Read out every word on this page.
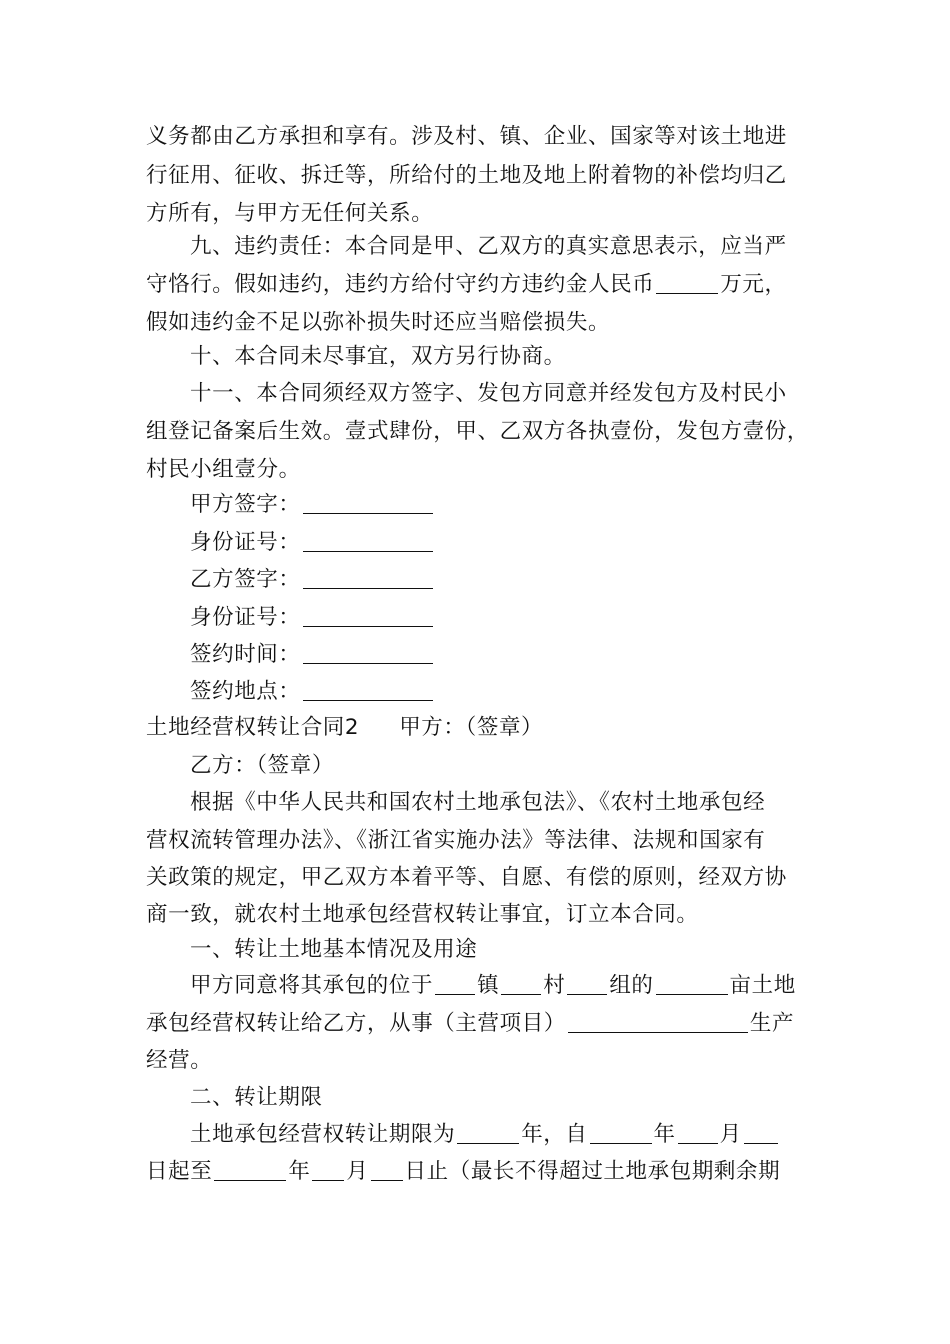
义务都由乙方承担和享有。涉及村、镇、企业、国家等对该土地进

行征用、征收、拆迁等，所给付的土地及地上附着物的补偿均归乙

方所有，与甲方无任何关系。

九、违约责任：本合同是甲、乙双方的真实意思表示，应当严

守恪行。假如违约，违约方给付守约方违约金人民币	万元，

假如违约金不足以弥补损失时还应当赔偿损失。

十、本合同未尽事宜，双方另行协商。

十一、本合同须经双方签字、发包方同意并经发包方及村民小

组登记备案后生效。壹式肆份，甲、乙双方各执壹份，发包方壹份，

村民小组壹分。

甲方签字：

身份证号：

乙方签字：

身份证号：

签约时间：

签约地点：

土地经营权转让合同2 甲方：（签章）

乙方：（签章）

根据《中华人民共和国农村土地承包法》、《农村土地承包经

营权流转管理办法》、《浙江省实施办法》等法律、法规和国家有

关政策的规定，甲乙双方本着平等、自愿、有偿的原则，经双方协

商一致，就农村土地承包经营权转让事宜，订立本合同。

一、转让土地基本情况及用途

甲方同意将其承包的位于 镇 村 组的	亩土地

承包经营权转让给乙方，从事（主营项目）	生产

经营。

二、转让期限

土地承包经营权转让期限为	年，自	年 月

日起至	年 月 日止（最长不得超过土地承包期剩余期
